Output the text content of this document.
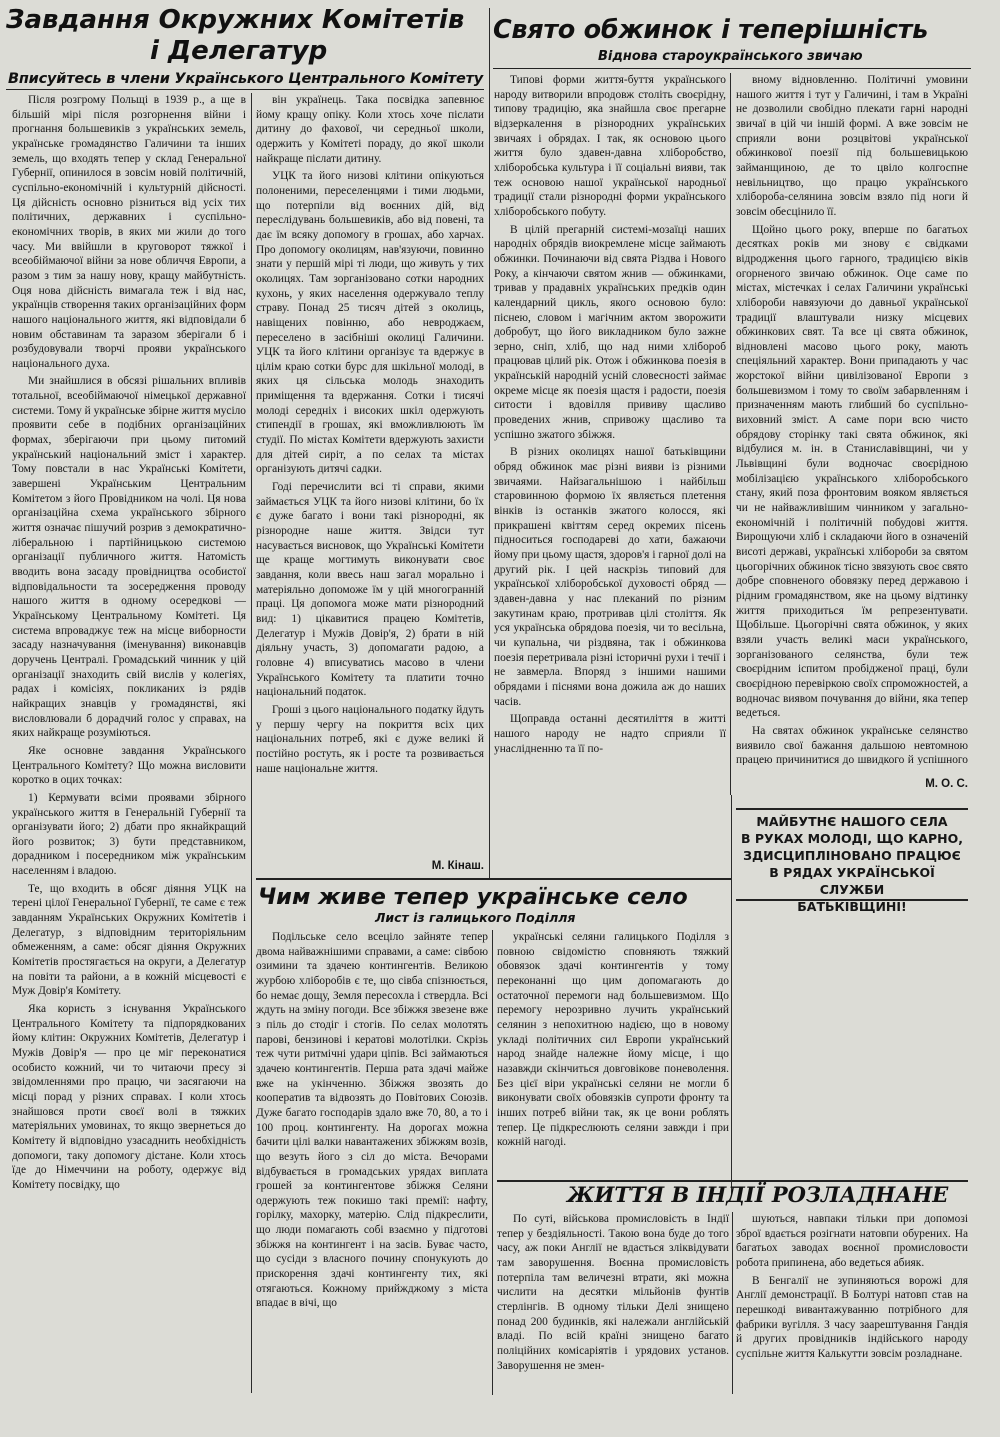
Завдання Окружних Комітетів
і Делегатур
Вписуйтесь в члени Українського Центрального Комітету

Після розгрому Польщі в 1939 р., а ще в більшій мірі після розгорнення війни і прогнання большевиків з українських земель, українське громадянство Галичини та інших земель, що входять тепер у склад Генеральної Губернії, опинилося в зовсім новій політичній, суспільно-економічній і культурній дійсності. Ця дійсність основно різниться від усіх тих політичних, державних і суспільно-економічних творів, в яких ми жили до того часу. Ми ввійшли в круговорот тяжкої і всеобіймаючої війни за нове обличчя Европи, а разом з тим за нашу нову, кращу майбутність. Оця нова дійсність вимагала теж і від нас, українців створення таких організаційних форм нашого національного життя, які відповідали б новим обставинам та заразом зберігали б і розбудовували творчі прояви українського національного духа.

Ми знайшлися в обсязі рішальних впливів тотальної, всеобіймаючої німецької державної системи. Тому й українське збірне життя мусіло проявити себе в подібних організаційних формах, зберігаючи при цьому питомий український національний зміст і характер. Тому повстали в нас Українські Комітети, завершені Українським Центральним Комітетом з його Провідником на чолі. Ця нова організаційна схема українського збірного життя означає пішучий розрив з демократично-ліберальною і партійницькою системою організації публичного життя. Натомість вводить вона засаду провідництва особистої відповідальности та зосередження проводу нашого життя в одному осередкові — Українському Центральному Комітеті. Ця система впроваджує теж на місце виборности засаду назначування (іменування) виконавців доручень Централі. Громадський чинник у цій організації знаходить свій вислів у колегіях, радах і комісіях, покликаних із рядів найкращих знавців у громадянстві, які висловлювали б дорадчий голос у справах, на яких найкраще розуміються.

Яке основне завдання Українського Центрального Комітету? Що можна висловити коротко в оцих точках:

1) Кермувати всіми проявами збірного українського життя в Генеральній Губернії та організувати його; 2) дбати про якнайкращий його розвиток; 3) бути представником, дорадником і посередником між українським населенням і владою.

Те, що входить в обсяг діяння УЦК на терені цілої Генеральної Губернії, те саме є теж завданням Українських Окружних Комітетів і Делегатур, з відповідним територіяльним обмеженням, а саме: обсяг діяння Окружних Комітетів простягається на округи, а Делегатур на повіти та райони, а в кожній місцевості є Муж Довір'я Комітету.

Яка користь з існування Українського Центрального Комітету та підпорядкованих йому клітин: Окружних Комітетів, Делегатур і Мужів Довір'я — про це міг переконатися особисто кожний, чи то читаючи пресу зі звідомленнями про працю, чи засягаючи на місці порад у різних справах. І коли хтось знайшовся проти своєї волі в тяжких матеріяльних умовинах, то якщо звернеться до Комітету й відповідно узасаднить необхідність допомоги, таку допомогу дістане. Коли хтось їде до Німеччини на роботу, одержує від Комітету посвідку, що

він українець. Така посвідка запевнює йому кращу опіку. Коли хтось хоче післати дитину до фахової, чи середньої школи, одержить у Комітеті пораду, до якої школи найкраще післати дитину.

УЦК та його низові клітини опікуються полоненими, переселенцями і тими людьми, що потерпіли від воєнних дій, від переслідувань большевиків, або від повені, та дає їм всяку допомогу в грошах, або харчах. Про допомогу околицям, нав'язуючи, повинно знати у першій мірі ті люди, що живуть у тих околицях. Там зорганізовано сотки народних кухонь, у яких населення одержувало теплу страву. Понад 25 тисяч дітей з околиць, навіщених повінню, або невроджаєм, переселено в засібніші околиці Галичини. УЦК та його клітини організує та вдержує в цілім краю сотки бурс для шкільної молоді, в яких ця сільська молодь знаходить приміщення та вдержання. Сотки і тисячі молоді середніх і високих шкіл одержують стипендії в грошах, які вможливлюють їм студії. По містах Комітети вдержують захисти для дітей сиріт, а по селах та містах організують дитячі садки.

Годі перечислити всі ті справи, якими займається УЦК та його низові клітини, бо їх є дуже багато і вони такі різнородні, як різнородне наше життя. Звідси тут насувається висновок, що Українські Комітети ще краще могтимуть виконувати своє завдання, коли ввесь наш загал морально і матеріяльно допоможе їм у цій многогранній праці. Ця допомога може мати різнородний вид: 1) цікавитися працею Комітетів, Делегатур і Мужів Довір'я, 2) брати в ній діяльну участь, 3) допомагати радою, а головне 4) вписуватись масово в члени Українського Комітету та платити точно національний податок.

Гроші з цього національного податку йдуть у першу чергу на покриття всіх цих національних потреб, які є дуже великі й постійно ростуть, як і росте та розвивається наше національне життя.

М. Кінаш.
Свято обжинок і теперішність
Віднова староукраїнського звичаю

Типові форми життя-буття українського народу витворили впродовж століть своєрідну, типову традицію, яка знайшла своє прегарне відзеркалення в різнородних українських звичаях і обрядах. І так, як основою цього життя було здавен-давна хліборобство, хліборобська культура і її соціальні вияви, так теж основою нашої української народньої традиції стали різнородні форми українського хліборобського побуту.

В цілій прегарній системі-мозаїці наших народніх обрядів виокремлене місце займають обжинки. Починаючи від свята Різдва і Нового Року, а кінчаючи святом жнив — обжинками, тривав у прадавніх українських предків один календарний цикль, якого основою було: піснею, словом і магічним актом зворожити добробут, що його викладником було зажне зерно, сніп, хліб, що над ними хлібороб працював цілий рік. Отож і обжинкова поезія в українській народній усній словесності займає окреме місце як поезія щастя і радости, поезія ситости і вдовілля прививу щасливо проведених жнив, спривожу щасливо та успішно зжатого збіжжя.

В різних околицях нашої батьківщини обряд обжинок має різні вияви із різними звичаями. Найзагальнішою і найбільш старовинною формою їх являється плетення вінків із останків зжатого колосся, які прикрашені квіттям серед окремих пісень підноситься господареві до хати, бажаючи йому при цьому щастя, здоров'я і гарної долі на другий рік. І цей наскрізь типовий для української хліборобської духовості обряд — здавен-давна у нас плеканий по різним закутинам краю, протривав цілі століття. Як уся українська обрядова поезія, чи то весільна, чи купальна, чи різдвяна, так і обжинкова поезія перетривала різні історичні рухи і течії і не завмерла. Впоряд з іншими нашими обрядами і піснями вона дожила аж до наших часів.

Щоправда останні десятиліття в житті нашого народу не надто сприяли її унаслідненню та її по-

вному відновленню. Політичні умовини нашого життя і тут у Галичині, і там в Україні не дозволили свобідно плекати гарні народні звичаї в цій чи іншій формі. А вже зовсім не сприяли вони розцвітові української обжинкової поезії під большевицькою займанщиною, де то цвіло колгоспне невільництво, що працю українського хлібороба-селянина зовсім взяло під ноги й зовсім обесцінило її.

Щойно цього року, вперше по багатьох десятках років ми знову є свідками відродження цього гарного, традицією віків огорненого звичаю обжинок. Оце саме по містах, містечках і селах Галичини українські хлібороби навязуючи до давньої української традиції влаштували низку місцевих обжинкових свят. Та все ці свята обжинок, відновлені масово цього року, мають спеціяльний характер. Вони припадають у час жорстокої війни цивілізованої Европи з большевизмом і тому то своїм забарвленням і призначенням мають глибший бо суспільно-виховний зміст. А саме пори всю чисто обрядову сторінку такі свята обжинок, які відбулися м. ін. в Станиславівщині, чи у Львівщині були водночас своєрідною мобілізацією українського хліборобського стану, який поза фронтовим вояком являється чи не найважливішим чинником у загально-економічній і політичній побудові життя. Вирощуючи хліб і складаючи його в означеній висоті державі, українські хлібороби за святом цьогорічних обжинок тісно звязують своє свято добре сповненого обовязку перед державою і рідним громадянством, яке на цьому відтинку життя приходиться їм репрезентувати. Щобільше. Цьогорічні свята обжинок, у яких взяли участь великі маси українського, зорганізованого селянства, були теж своєрідним іспитом пробідженої праці, були своєрідною перевіркою своїх спроможностей, а водночас виявом почування до війни, яка тепер ведеться.

На святах обжинок українське селянство виявило свої бажання дальшою невтомною працею причинитися до швидкого й успішного

М. О. С.
Чим живе тепер українське село
Лист із галицького Поділля

Подільське село всеціло зайняте тепер двома найважнішими справами, а саме: сівбою озимини та здачею контингентів. Великою журбою хліборобів є те, що сівба спізнюється, бо немає дощу, Земля пересохла і ствердла. Всі ждуть на зміну погоди. Все збіжжя звезене вже з піль до стодіг і стогів. По селах молотять парові, бензинові і кератові молотілки. Скрізь теж чути ритмічні удари ціпів. Всі займаються здачею контингентів. Перша рата здачі майже вже на укінченню. Збіжжя звозять до кооператив та відвозять до Повітових Союзів. Дуже багато господарів здало вже 70, 80, а то і 100 проц. контингенту. На дорогах можна бачити цілі валки навантажених збіжжям возів, що везуть його з сіл до міста. Вечорами відбувається в громадських урядах виплата грошей за контингентове збіжжя Селяни одержують теж покишо такі премії: нафту, горілку, махорку, матерію. Слід підкреслити, що люди помагають собі взаємно у підготові збіжжя на контингент і на засів. Буває часто, що сусіди з власного почину спонукують до прискорення здачі контингенту тих, які отягаються. Кожному прийжджому з міста впадає в вічі, що

українські селяни галицького Поділля з повною свідомістю сповняють тяжкий обовязок здачі контингентів у тому переконанні що цим допомагають до остаточної перемоги над большевизмом. Що перемогу нерозривно лучить український селянин з непохитною надією, що в новому укладі політичних сил Европи український народ знайде належне йому місце, і що назавжди скінчиться довговікове поневолення. Без цієї віри українські селяни не могли б виконувати своїх обовязків супроти фронту та інших потреб війни так, як це вони роблять тепер. Це підкреслюють селяни завжди і при кожній нагоді.

МАЙБУТНЄ НАШОГО СЕЛА
В РУКАХ МОЛОДІ, ЩО КАРНО,
ЗДИСЦИПЛІНОВАНО ПРАЦЮЄ
В РЯДАХ УКРАЇНСЬКОЇ СЛУЖБИ
БАТЬКІВЩИНІ!
ЖИТТЯ В ІНДІЇ РОЗЛАДНАНЕ

По суті, військова промисловість в Індії тепер у бездіяльності. Такою вона буде до того часу, аж поки Англії не вдасться зліквідувати там заворушення. Воєнна промисловість потерпіла там величезні втрати, які можна числити на десятки мільйонів фунтів стерлінгів. В одному тільки Делі знищено понад 200 будинків, які належали англійській владі. По всій країні знищено багато поліційних комісаріятів і урядових установ. Заворушення не змен-

шуються, навпаки тільки при допомозі зброї вдається розігнати натовпи обурених. На багатьох заводах воєнної промисловости робота припинена, або ведеться абияк.

В Бенгалії не зупиняються ворожі для Англії демонстрації. В Болтурі натовп став на перешкоді вивантажуванню потрібного для фабрики вугілля. З часу заарештування Гандія й других провідників індійського народу суспільне життя Калькутти зовсім розладнане.
